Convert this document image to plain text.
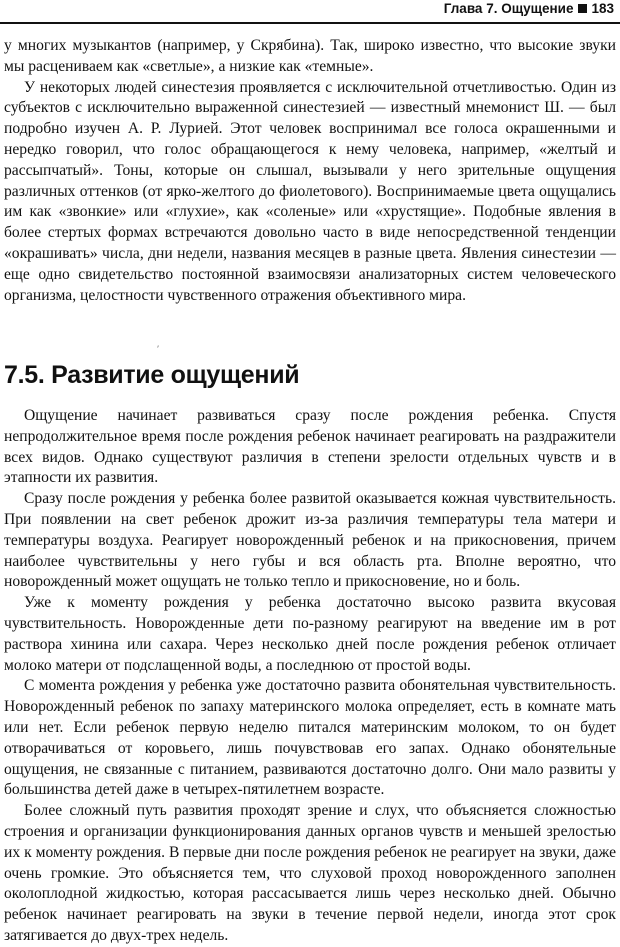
Глава 7. Ощущение 183

у многих музыкантов (например, у Скрябина). Так, широко известно, что высокие звуки мы расцениваем как «светлые», а низкие как «темные».

У некоторых людей синестезия проявляется с исключительной отчетливостью. Один из субъектов с исключительно выраженной синестезией — известный мнемонист Ш. — был подробно изучен А. Р. Лурией. Этот человек воспринимал все голоса окрашенными и нередко говорил, что голос обращающегося к нему человека, например, «желтый и рассыпчатый». Тоны, которые он слышал, вызывали у него зрительные ощущения различных оттенков (от ярко-желтого до фиолетового). Воспринимаемые цвета ощущались им как «звонкие» или «глухие», как «соленые» или «хрустящие». Подобные явления в более стертых формах встречаются довольно часто в виде непосредственной тенденции «окрашивать» числа, дни недели, названия месяцев в разные цвета. Явления синестезии — еще одно свидетельство постоянной взаимосвязи анализаторных систем человеческого организма, целостности чувственного отражения объективного мира.

⸴
7.5. Развитие ощущений

Ощущение начинает развиваться сразу после рождения ребенка. Спустя непродолжительное время после рождения ребенок начинает реагировать на раздражители всех видов. Однако существуют различия в степени зрелости отдельных чувств и в этапности их развития.

Сразу после рождения у ребенка более развитой оказывается кожная чувствительность. При появлении на свет ребенок дрожит из-за различия температуры тела матери и температуры воздуха. Реагирует новорожденный ребенок и на прикосновения, причем наиболее чувствительны у него губы и вся область рта. Вполне вероятно, что новорожденный может ощущать не только тепло и прикосновение, но и боль.

Уже к моменту рождения у ребенка достаточно высоко развита вкусовая чувствительность. Новорожденные дети по-разному реагируют на введение им в рот раствора хинина или сахара. Через несколько дней после рождения ребенок отличает молоко матери от подслащенной воды, а последнюю от простой воды.

С момента рождения у ребенка уже достаточно развита обонятельная чувствительность. Новорожденный ребенок по запаху материнского молока определяет, есть в комнате мать или нет. Если ребенок первую неделю питался материнским молоком, то он будет отворачиваться от коровьего, лишь почувствовав его запах. Однако обонятельные ощущения, не связанные с питанием, развиваются достаточно долго. Они мало развиты у большинства детей даже в четырех-пятилетнем возрасте.

Более сложный путь развития проходят зрение и слух, что объясняется сложностью строения и организации функционирования данных органов чувств и меньшей зрелостью их к моменту рождения. В первые дни после рождения ребенок не реагирует на звуки, даже очень громкие. Это объясняется тем, что слуховой проход новорожденного заполнен околоплодной жидкостью, которая рассасывается лишь через несколько дней. Обычно ребенок начинает реагировать на звуки в течение первой недели, иногда этот срок затягивается до двух-трех недель.
